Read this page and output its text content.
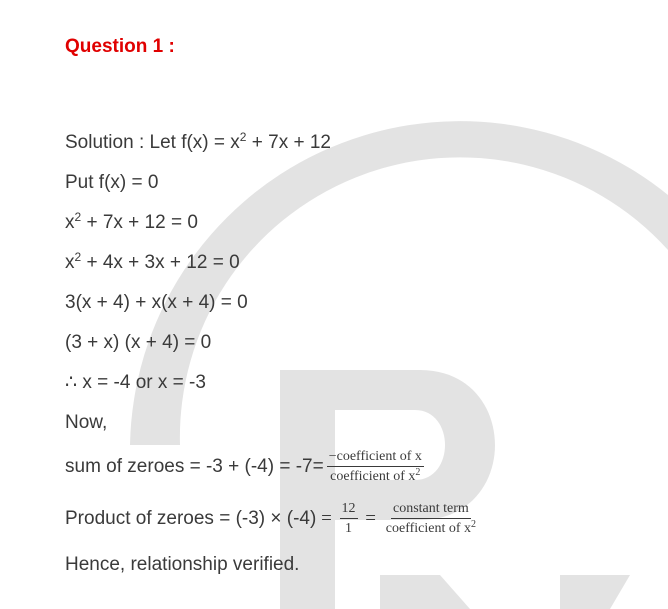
Question 1 :
Solution : Let $f(x) = x^2 + 7x + 12$
Put f(x) = 0
$x^2 + 7x + 12 = 0$
$x^2 + 4x + 3x + 12 = 0$
3(x + 4) + x(x + 4) = 0
(3 + x) (x + 4) = 0
∴ x = -4 or x = -3
Now,
sum of zeroes = $-3 + (-4) = -7= \frac{\text{−coefficient of x}}{coefficient of x^2}$
Product of zeroes = $(-3) \times (-4) = \frac{12}{1} = \frac{\text{constant term}}{coefficient of x^2}$
Hence, relationship verified.
